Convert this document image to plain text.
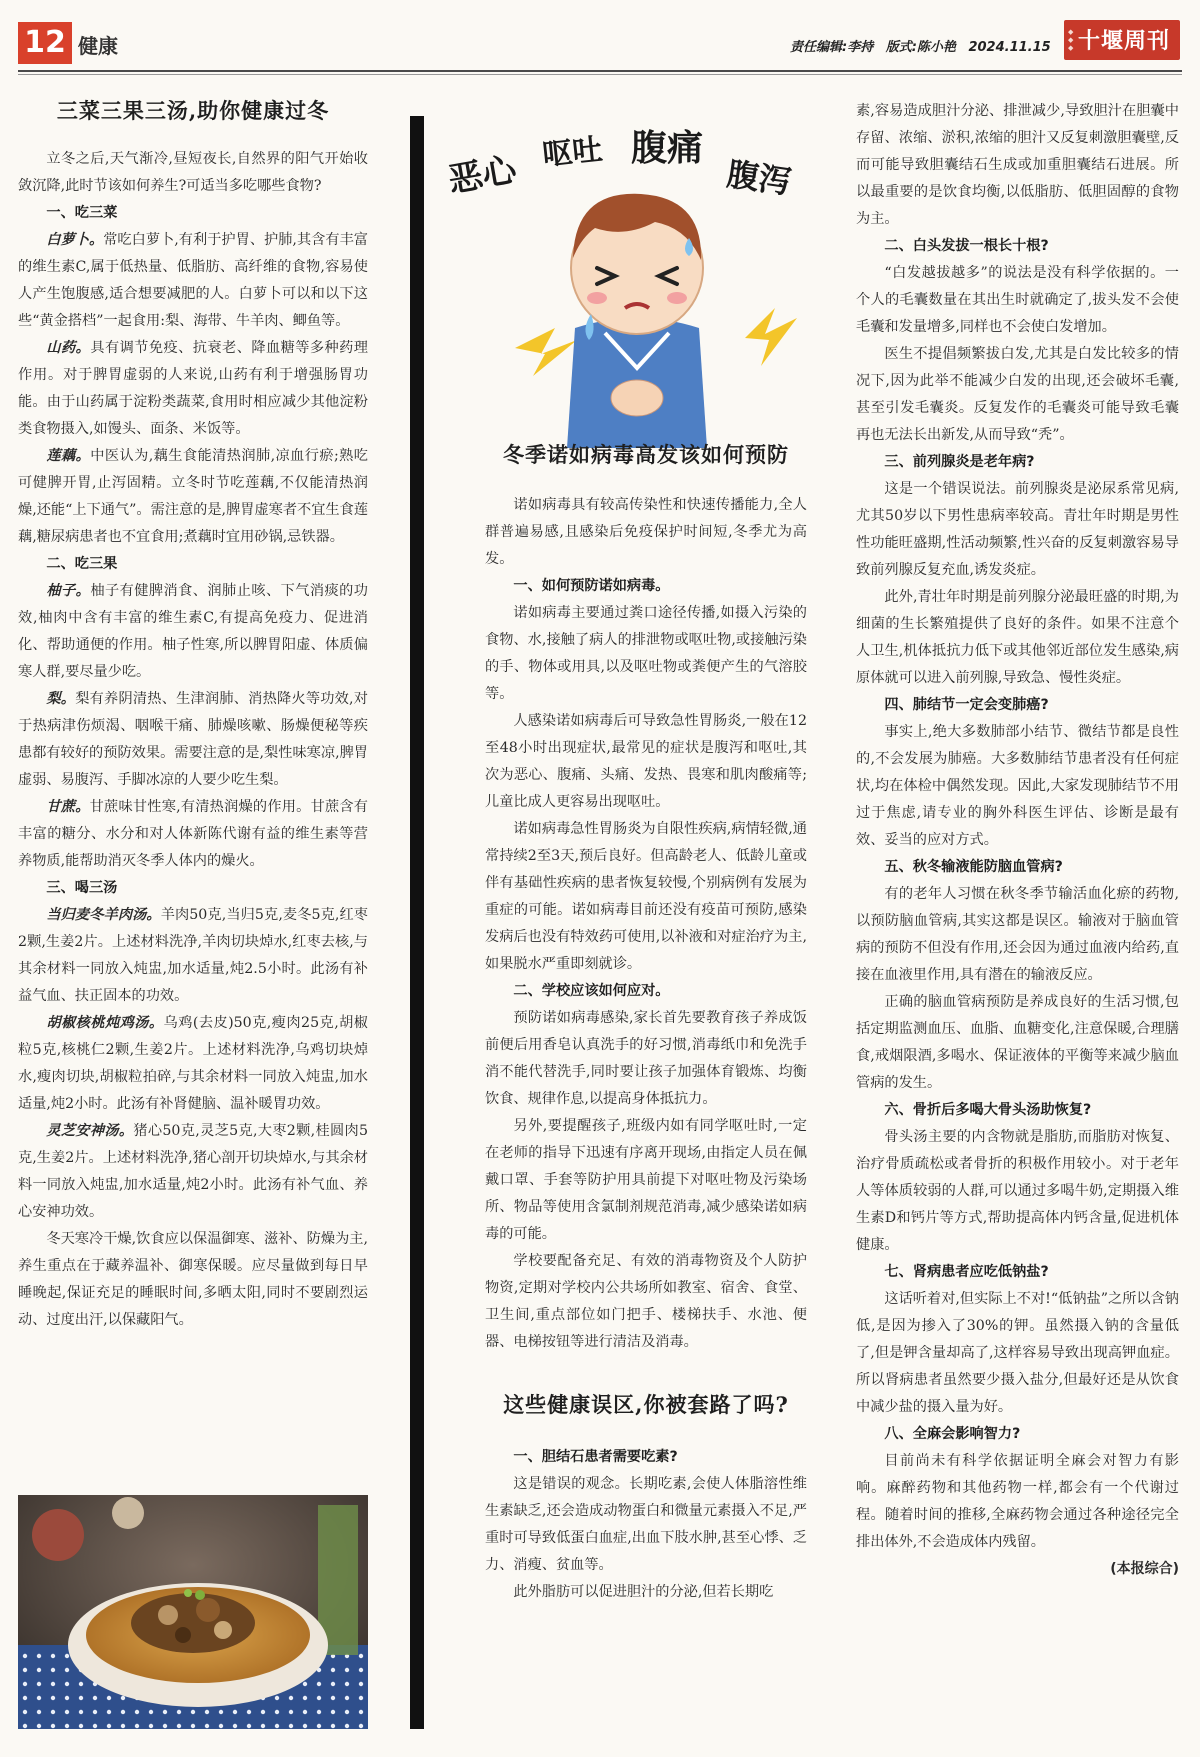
12 健康	责任编辑:李持 版式:陈小艳 2024.11.15
◆
◆
◆ 十堰周刊
三菜三果三汤,助你健康过冬

立冬之后,天气渐冷,昼短夜长,自然界的阳气开始收敛沉降,此时节该如何养生?可适当多吃哪些食物?

一、吃三菜

白萝卜。常吃白萝卜,有利于护胃、护肺,其含有丰富的维生素C,属于低热量、低脂肪、高纤维的食物,容易使人产生饱腹感,适合想要减肥的人。白萝卜可以和以下这些“黄金搭档”一起食用:梨、海带、牛羊肉、鲫鱼等。

山药。具有调节免疫、抗衰老、降血糖等多种药理作用。对于脾胃虚弱的人来说,山药有利于增强肠胃功能。由于山药属于淀粉类蔬菜,食用时相应减少其他淀粉类食物摄入,如馒头、面条、米饭等。

莲藕。中医认为,藕生食能清热润肺,凉血行瘀;熟吃可健脾开胃,止泻固精。立冬时节吃莲藕,不仅能清热润燥,还能“上下通气”。需注意的是,脾胃虚寒者不宜生食莲藕,糖尿病患者也不宜食用;煮藕时宜用砂锅,忌铁器。

二、吃三果

柚子。柚子有健脾消食、润肺止咳、下气消痰的功效,柚肉中含有丰富的维生素C,有提高免疫力、促进消化、帮助通便的作用。柚子性寒,所以脾胃阳虚、体质偏寒人群,要尽量少吃。

梨。梨有养阴清热、生津润肺、消热降火等功效,对于热病津伤烦渴、咽喉干痛、肺燥咳嗽、肠燥便秘等疾患都有较好的预防效果。需要注意的是,梨性味寒凉,脾胃虚弱、易腹泻、手脚冰凉的人要少吃生梨。

甘蔗。甘蔗味甘性寒,有清热润燥的作用。甘蔗含有丰富的糖分、水分和对人体新陈代谢有益的维生素等营养物质,能帮助消灭冬季人体内的燥火。

三、喝三汤

当归麦冬羊肉汤。羊肉50克,当归5克,麦冬5克,红枣2颗,生姜2片。上述材料洗净,羊肉切块焯水,红枣去核,与其余材料一同放入炖盅,加水适量,炖2.5小时。此汤有补益气血、扶正固本的功效。

胡椒核桃炖鸡汤。乌鸡(去皮)50克,瘦肉25克,胡椒粒5克,核桃仁2颗,生姜2片。上述材料洗净,乌鸡切块焯水,瘦肉切块,胡椒粒拍碎,与其余材料一同放入炖盅,加水适量,炖2小时。此汤有补肾健脑、温补暖胃功效。

灵芝安神汤。猪心50克,灵芝5克,大枣2颗,桂圆肉5克,生姜2片。上述材料洗净,猪心剖开切块焯水,与其余材料一同放入炖盅,加水适量,炖2小时。此汤有补气血、养心安神功效。

冬天寒冷干燥,饮食应以保温御寒、滋补、防燥为主,养生重点在于藏养温补、御寒保暖。应尽量做到每日早睡晚起,保证充足的睡眠时间,多晒太阳,同时不要剧烈运动、过度出汗,以保藏阳气。

恶心 呕吐 腹痛
腹泻
冬季诺如病毒高发该如何预防

诺如病毒具有较高传染性和快速传播能力,全人群普遍易感,且感染后免疫保护时间短,冬季尤为高发。

一、如何预防诺如病毒。

诺如病毒主要通过粪口途径传播,如摄入污染的食物、水,接触了病人的排泄物或呕吐物,或接触污染的手、物体或用具,以及呕吐物或粪便产生的气溶胶等。

人感染诺如病毒后可导致急性胃肠炎,一般在12至48小时出现症状,最常见的症状是腹泻和呕吐,其次为恶心、腹痛、头痛、发热、畏寒和肌肉酸痛等;儿童比成人更容易出现呕吐。

诺如病毒急性胃肠炎为自限性疾病,病情轻微,通常持续2至3天,预后良好。但高龄老人、低龄儿童或伴有基础性疾病的患者恢复较慢,个别病例有发展为重症的可能。诺如病毒目前还没有疫苗可预防,感染发病后也没有特效药可使用,以补液和对症治疗为主,如果脱水严重即刻就诊。

二、学校应该如何应对。

预防诺如病毒感染,家长首先要教育孩子养成饭前便后用香皂认真洗手的好习惯,消毒纸巾和免洗手消不能代替洗手,同时要让孩子加强体育锻炼、均衡饮食、规律作息,以提高身体抵抗力。

另外,要提醒孩子,班级内如有同学呕吐时,一定在老师的指导下迅速有序离开现场,由指定人员在佩戴口罩、手套等防护用具前提下对呕吐物及污染场所、物品等使用含氯制剂规范消毒,减少感染诺如病毒的可能。

学校要配备充足、有效的消毒物资及个人防护物资,定期对学校内公共场所如教室、宿舍、食堂、卫生间,重点部位如门把手、楼梯扶手、水池、便器、电梯按钮等进行清洁及消毒。

这些健康误区,你被套路了吗?
一、胆结石患者需要吃素?

这是错误的观念。长期吃素,会使人体脂溶性维生素缺乏,还会造成动物蛋白和微量元素摄入不足,严重时可导致低蛋白血症,出血下肢水肿,甚至心悸、乏力、消瘦、贫血等。

此外脂肪可以促进胆汁的分泌,但若长期吃

素,容易造成胆汁分泌、排泄减少,导致胆汁在胆囊中存留、浓缩、淤积,浓缩的胆汁又反复刺激胆囊壁,反而可能导致胆囊结石生成或加重胆囊结石进展。所以最重要的是饮食均衡,以低脂肪、低胆固醇的食物为主。

二、白头发拔一根长十根?

“白发越拔越多”的说法是没有科学依据的。一个人的毛囊数量在其出生时就确定了,拔头发不会使毛囊和发量增多,同样也不会使白发增加。

医生不提倡频繁拔白发,尤其是白发比较多的情况下,因为此举不能减少白发的出现,还会破坏毛囊,甚至引发毛囊炎。反复发作的毛囊炎可能导致毛囊再也无法长出新发,从而导致“秃”。

三、前列腺炎是老年病?

这是一个错误说法。前列腺炎是泌尿系常见病,尤其50岁以下男性患病率较高。青壮年时期是男性性功能旺盛期,性活动频繁,性兴奋的反复刺激容易导致前列腺反复充血,诱发炎症。

此外,青壮年时期是前列腺分泌最旺盛的时期,为细菌的生长繁殖提供了良好的条件。如果不注意个人卫生,机体抵抗力低下或其他邻近部位发生感染,病原体就可以进入前列腺,导致急、慢性炎症。

四、肺结节一定会变肺癌?

事实上,绝大多数肺部小结节、微结节都是良性的,不会发展为肺癌。大多数肺结节患者没有任何症状,均在体检中偶然发现。因此,大家发现肺结节不用过于焦虑,请专业的胸外科医生评估、诊断是最有效、妥当的应对方式。

五、秋冬输液能防脑血管病?

有的老年人习惯在秋冬季节输活血化瘀的药物,以预防脑血管病,其实这都是误区。输液对于脑血管病的预防不但没有作用,还会因为通过血液内给药,直接在血液里作用,具有潜在的输液反应。

正确的脑血管病预防是养成良好的生活习惯,包括定期监测血压、血脂、血糖变化,注意保暖,合理膳食,戒烟限酒,多喝水、保证液体的平衡等来减少脑血管病的发生。

六、骨折后多喝大骨头汤助恢复?

骨头汤主要的内含物就是脂肪,而脂肪对恢复、治疗骨质疏松或者骨折的积极作用较小。对于老年人等体质较弱的人群,可以通过多喝牛奶,定期摄入维生素D和钙片等方式,帮助提高体内钙含量,促进机体健康。

七、肾病患者应吃低钠盐?

这话听着对,但实际上不对!“低钠盐”之所以含钠低,是因为掺入了30%的钾。虽然摄入钠的含量低了,但是钾含量却高了,这样容易导致出现高钾血症。所以肾病患者虽然要少摄入盐分,但最好还是从饮食中减少盐的摄入量为好。

八、全麻会影响智力?

目前尚未有科学依据证明全麻会对智力有影响。麻醉药物和其他药物一样,都会有一个代谢过程。随着时间的推移,全麻药物会通过各种途径完全排出体外,不会造成体内残留。

(本报综合)
